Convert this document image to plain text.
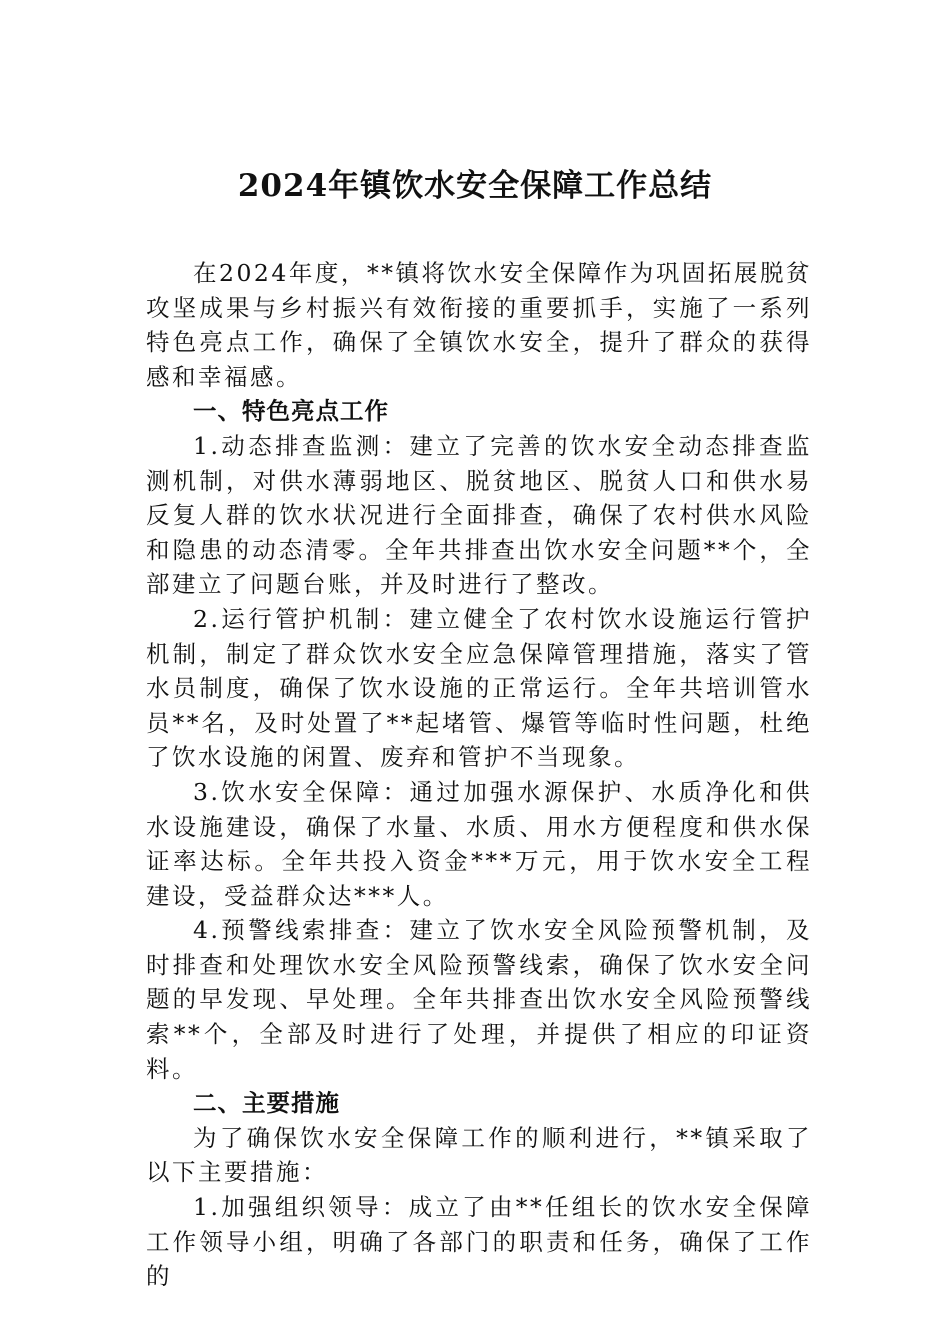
2024年镇饮水安全保障工作总结

在2024年度，**镇将饮水安全保障作为巩固拓展脱贫攻坚成果与乡村振兴有效衔接的重要抓手，实施了一系列特色亮点工作，确保了全镇饮水安全，提升了群众的获得感和幸福感。

一、特色亮点工作

1.动态排查监测：建立了完善的饮水安全动态排查监测机制，对供水薄弱地区、脱贫地区、脱贫人口和供水易反复人群的饮水状况进行全面排查，确保了农村供水风险和隐患的动态清零。全年共排查出饮水安全问题**个，全部建立了问题台账，并及时进行了整改。

2.运行管护机制：建立健全了农村饮水设施运行管护机制，制定了群众饮水安全应急保障管理措施，落实了管水员制度，确保了饮水设施的正常运行。全年共培训管水员**名，及时处置了**起堵管、爆管等临时性问题，杜绝了饮水设施的闲置、废弃和管护不当现象。

3.饮水安全保障：通过加强水源保护、水质净化和供水设施建设，确保了水量、水质、用水方便程度和供水保证率达标。全年共投入资金***万元，用于饮水安全工程建设，受益群众达***人。

4.预警线索排查：建立了饮水安全风险预警机制，及时排查和处理饮水安全风险预警线索，确保了饮水安全问题的早发现、早处理。全年共排查出饮水安全风险预警线索**个，全部及时进行了处理，并提供了相应的印证资料。

二、主要措施

为了确保饮水安全保障工作的顺利进行，**镇采取了以下主要措施：

1.加强组织领导：成立了由**任组长的饮水安全保障工作领导小组，明确了各部门的职责和任务，确保了工作的
